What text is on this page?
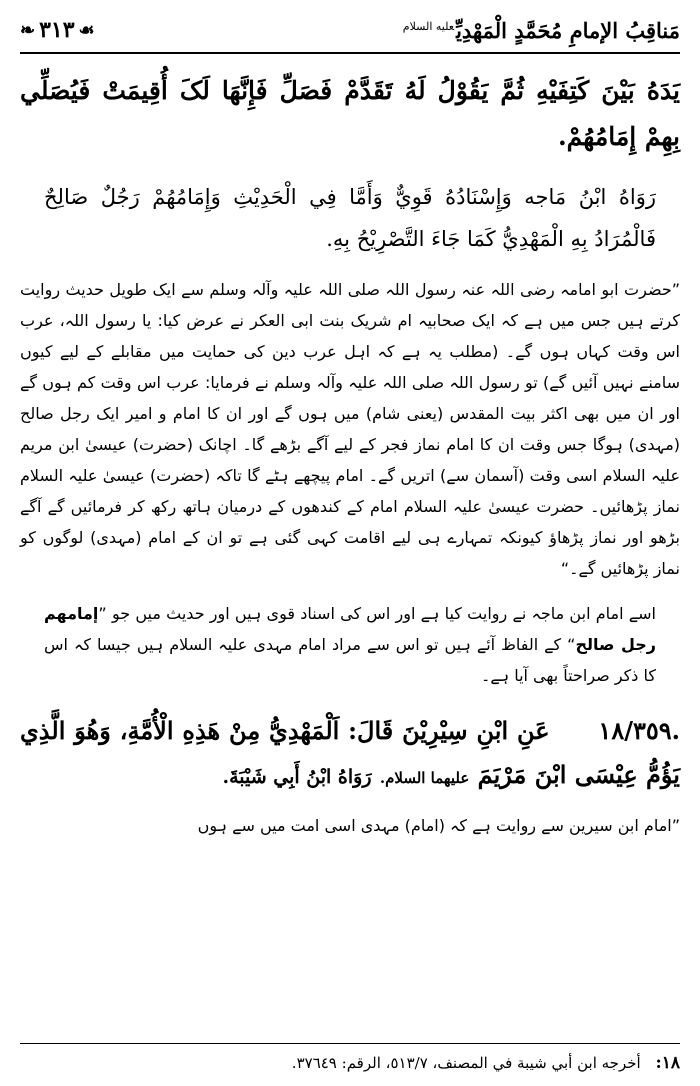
مَناقِبُ الإمامِ مُحَمَّدٍ الْمَهْدِيِّ$^{عليه السلام}$
❧ ٣١٣ ☙
يَدَهُ بَيْنَ كَتِفَيْهِ ثُمَّ يَقُوْلُ لَهُ تَقَدَّمْ فَصَلِّ فَإِنَّهَا لَکَ أُقِيمَتْ فَيُصَلِّي بِهِمْ إِمَامُهُمْ.
رَوَاهُ ابْنُ مَاجه وَإِسْنَادُهُ قَوِيٌّ وَأَمَّا فِي الْحَدِيْثِ وَإِمَامُهُمْ رَجُلٌ صَالِحٌ فَالْمُرَادُ بِهِ الْمَهْدِيُّ كَمَا جَاءَ التَّصْرِيْحُ بِهِ.
”حضرت ابو امامہ رضی اللہ عنہ رسول اللہ صلی اللہ علیہ وآلہ وسلم سے ایک طویل حدیث روایت کرتے ہیں جس میں ہے کہ ایک صحابیہ ام شریک بنت ابی العکر نے عرض کیا: یا رسول اللہ، عرب اس وقت کہاں ہوں گے۔ (مطلب یہ ہے کہ اہل عرب دین کی حمایت میں مقابلے کے لیے کیوں سامنے نہیں آئیں گے) تو رسول اللہ صلی اللہ علیہ وآلہ وسلم نے فرمایا: عرب اس وقت کم ہوں گے اور ان میں بھی اکثر بیت المقدس (یعنی شام) میں ہوں گے اور ان کا امام و امیر ایک رجل صالح (مہدی) ہوگا جس وقت ان کا امام نماز فجر کے لیے آگے بڑھے گا۔ اچانک (حضرت) عیسیٰ ابن مریم علیہ السلام اسی وقت (آسمان سے) اتریں گے۔ امام پیچھے ہٹے گا تاکہ (حضرت) عیسیٰ علیہ السلام نماز پڑھائیں۔ حضرت عیسیٰ علیہ السلام امام کے کندھوں کے درمیان ہاتھ رکھ کر فرمائیں گے آگے بڑھو اور نماز پڑھاؤ کیونکہ تمہارے ہی لیے اقامت کہی گئی ہے تو ان کے امام (مہدی) لوگوں کو نماز پڑھائیں گے۔“
اسے امام ابن ماجہ نے روایت کیا ہے اور اس کی اسناد قوی ہیں اور حدیث میں جو ”إمامهم رجل صالح“ کے الفاظ آئے ہیں تو اس سے مراد امام مہدی علیہ السلام ہیں جیسا کہ اس کا ذکر صراحتاً بھی آیا ہے۔
١٨/٣٥٩. عَنِ ابْنِ سِيْرِيْنَ قَالَ: اَلْمَهْدِيُّ مِنْ هَذِهِ الْأُمَّةِ، وَهُوَ الَّذِي يَؤُمُّ عِيْسَى ابْنَ مَرْيَمَ عليهما السلام. رَوَاهُ ابْنُ أَبِي شَيْبَةَ.
”امام ابن سیرین سے روایت ہے کہ (امام) مہدی اسی امت میں سے ہوں
١٨: أخرجه ابن أبي شيبة في المصنف، ٥١٣/٧، الرقم: ٣٧٦٤٩.
